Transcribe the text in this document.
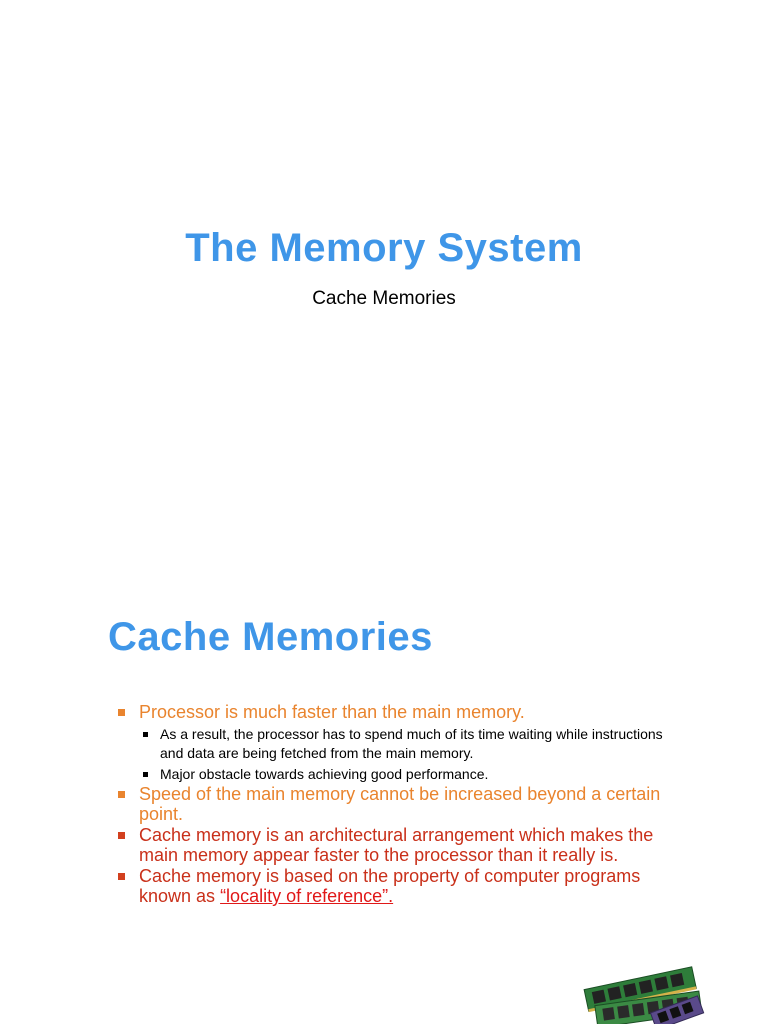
The Memory System
Cache Memories
Cache Memories
Processor is much faster than the main memory.
As a result, the processor has to spend much of its time waiting while instructions and data are being fetched from the main memory.
Major obstacle towards achieving good performance.
Speed of the main memory cannot be increased beyond a certain point.
Cache memory is an architectural arrangement which makes the main memory appear faster to the processor than it really is.
Cache memory is based on the property of computer programs known as “locality of reference”.
